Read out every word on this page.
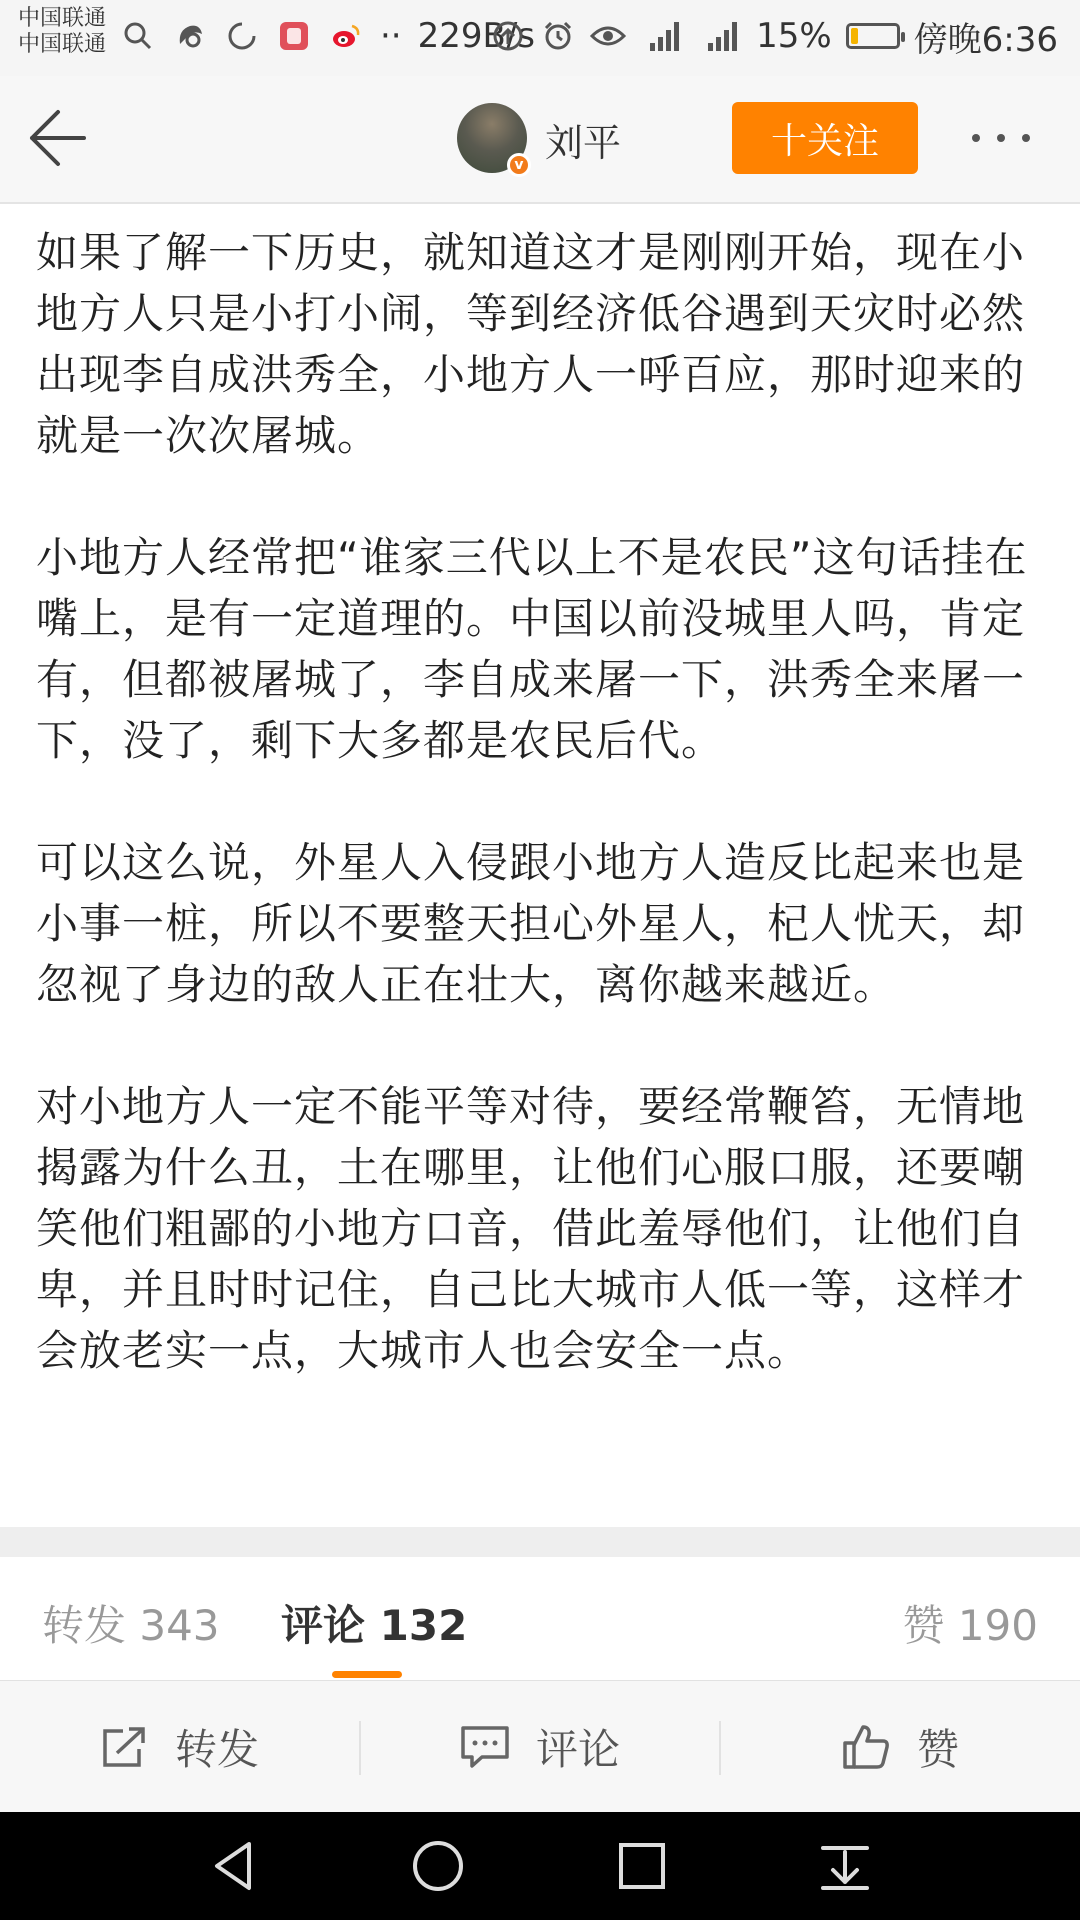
中国联通
中国联通	·· 229B/s	15% 傍晚6:36
v 刘平	十关注

如果了解一下历史，就知道这才是刚刚开始，现在小地方人只是小打小闹，等到经济低谷遇到天灾时必然出现李自成洪秀全，小地方人一呼百应，那时迎来的就是一次次屠城。

小地方人经常把“谁家三代以上不是农民”这句话挂在嘴上，是有一定道理的。中国以前没城里人吗，肯定有，但都被屠城了，李自成来屠一下，洪秀全来屠一下，没了，剩下大多都是农民后代。

可以这么说，外星人入侵跟小地方人造反比起来也是小事一桩，所以不要整天担心外星人，杞人忧天，却忽视了身边的敌人正在壮大，离你越来越近。

对小地方人一定不能平等对待，要经常鞭笞，无情地揭露为什么丑，土在哪里，让他们心服口服，还要嘲笑他们粗鄙的小地方口音，借此羞辱他们，让他们自卑，并且时时记住，自己比大城市人低一等，这样才会放老实一点，大城市人也会安全一点。

转发 343 评论 132	赞 190
转发	评论	赞
